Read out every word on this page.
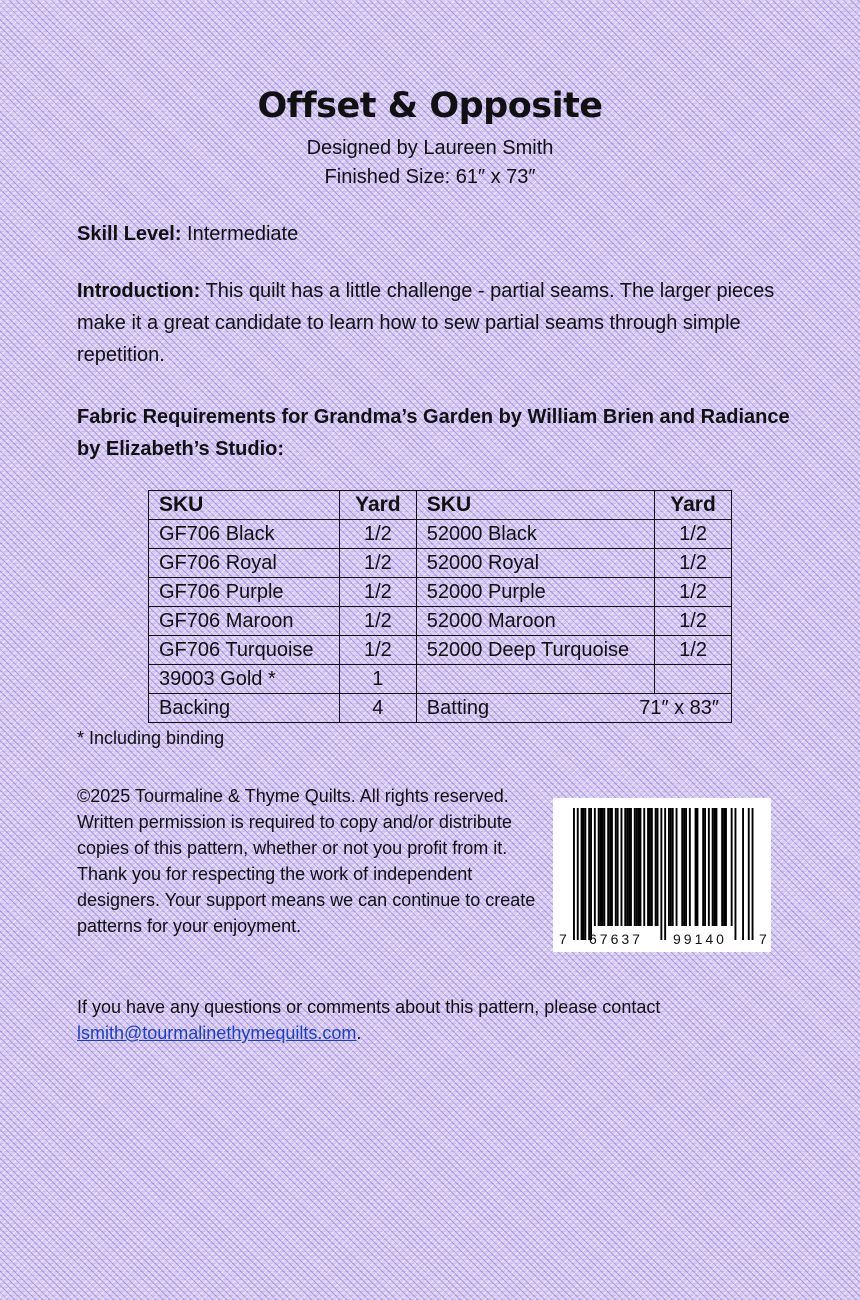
Offset & Opposite
Designed by Laureen Smith
Finished Size: 61″ x 73″
Skill Level: Intermediate
Introduction: This quilt has a little challenge - partial seams. The larger pieces make it a great candidate to learn how to sew partial seams through simple repetition.
Fabric Requirements for Grandma’s Garden by William Brien and Radiance by Elizabeth’s Studio:
SKU	Yard	SKU	Yard
GF706 Black	1/2	52000 Black	1/2
GF706 Royal	1/2	52000 Royal	1/2
GF706 Purple	1/2	52000 Purple	1/2
GF706 Maroon	1/2	52000 Maroon	1/2
GF706 Turquoise	1/2	52000 Deep Turquoise	1/2
39003 Gold *	1		
Backing	4	Batting 71″ x 83″	
* Including binding
©2025 Tourmaline & Thyme Quilts. All rights reserved. Written permission is required to copy and/or distribute copies of this pattern, whether or not you profit from it. Thank you for respecting the work of independent designers. Your support means we can continue to create patterns for your enjoyment.
7 67637 99140 7
If you have any questions or comments about this pattern, please contact lsmith@tourmalinethymequilts.com.
